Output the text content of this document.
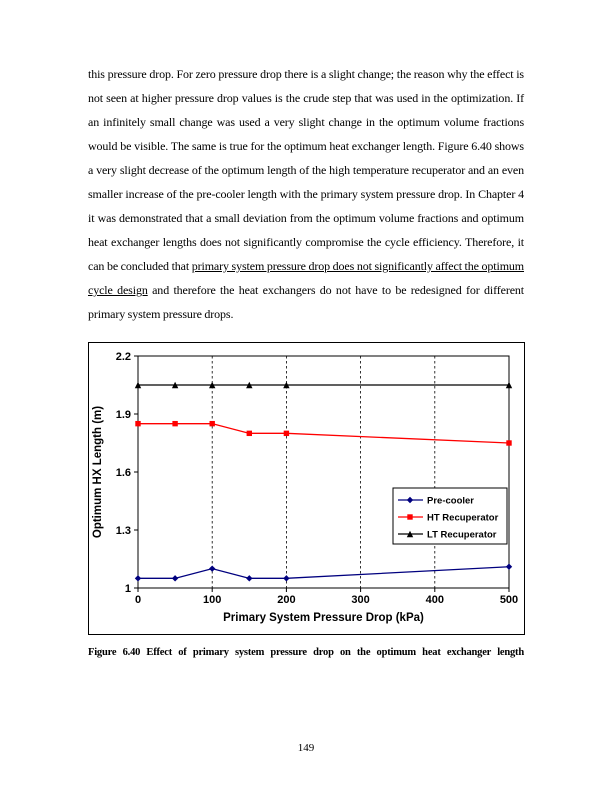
this pressure drop. For zero pressure drop there is a slight change; the reason why the effect is not seen at higher pressure drop values is the crude step that was used in the optimization. If an infinitely small change was used a very slight change in the optimum volume fractions would be visible. The same is true for the optimum heat exchanger length. Figure 6.40 shows a very slight decrease of the optimum length of the high temperature recuperator and an even smaller increase of the pre-cooler length with the primary system pressure drop. In Chapter 4 it was demonstrated that a small deviation from the optimum volume fractions and optimum heat exchanger lengths does not significantly compromise the cycle efficiency. Therefore, it can be concluded that primary system pressure drop does not significantly affect the optimum cycle design and therefore the heat exchangers do not have to be redesigned for different primary system pressure drops.

0	100	200	300	400	500
1
1.3
1.6
1.9
2.2
Primary System Pressure Drop (kPa)
Optimum HX Length (m)	Pre-cooler
HT Recuperator
LT Recuperator

Figure 6.40 Effect of primary system pressure drop on the optimum heat exchanger length

149
